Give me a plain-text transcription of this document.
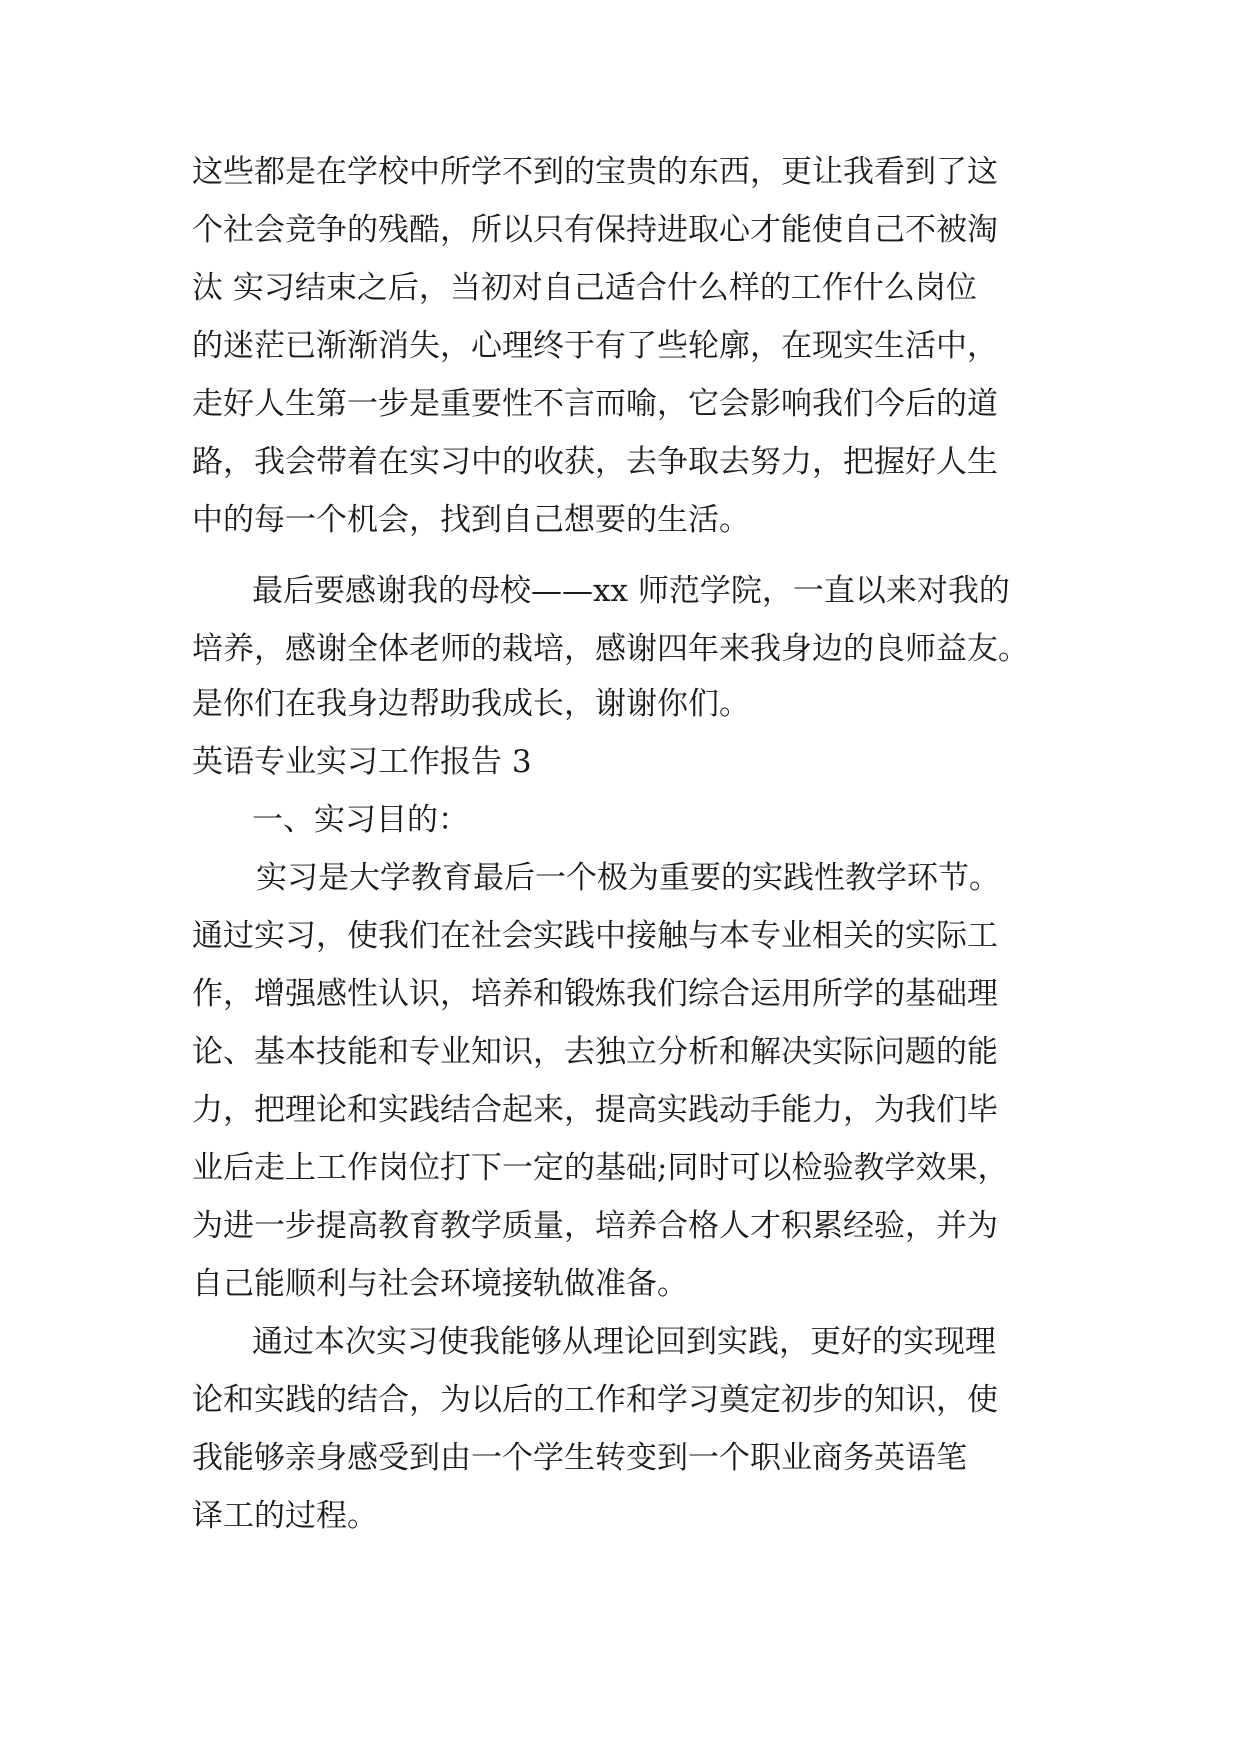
这些都是在学校中所学不到的宝贵的东西，更让我看到了这
个社会竞争的残酷，所以只有保持进取心才能使自己不被淘
汰 实习结束之后，当初对自己适合什么样的工作什么岗位
的迷茫已渐渐消失，心理终于有了些轮廓，在现实生活中，
走好人生第一步是重要性不言而喻，它会影响我们今后的道
路，我会带着在实习中的收获，去争取去努力，把握好人生
中的每一个机会，找到自己想要的生活。
最后要感谢我的母校——xx 师范学院，一直以来对我的
培养，感谢全体老师的栽培，感谢四年来我身边的良师益友。
是你们在我身边帮助我成长，谢谢你们。
英语专业实习工作报告 3
一、实习目的：
实习是大学教育最后一个极为重要的实践性教学环节。
通过实习，使我们在社会实践中接触与本专业相关的实际工
作，增强感性认识，培养和锻炼我们综合运用所学的基础理
论、基本技能和专业知识，去独立分析和解决实际问题的能
力，把理论和实践结合起来，提高实践动手能力，为我们毕
业后走上工作岗位打下一定的基础;同时可以检验教学效果，
为进一步提高教育教学质量，培养合格人才积累经验，并为
自己能顺利与社会环境接轨做准备。
通过本次实习使我能够从理论回到实践，更好的实现理
论和实践的结合，为以后的工作和学习奠定初步的知识，使
我能够亲身感受到由一个学生转变到一个职业商务英语笔
译工的过程。
